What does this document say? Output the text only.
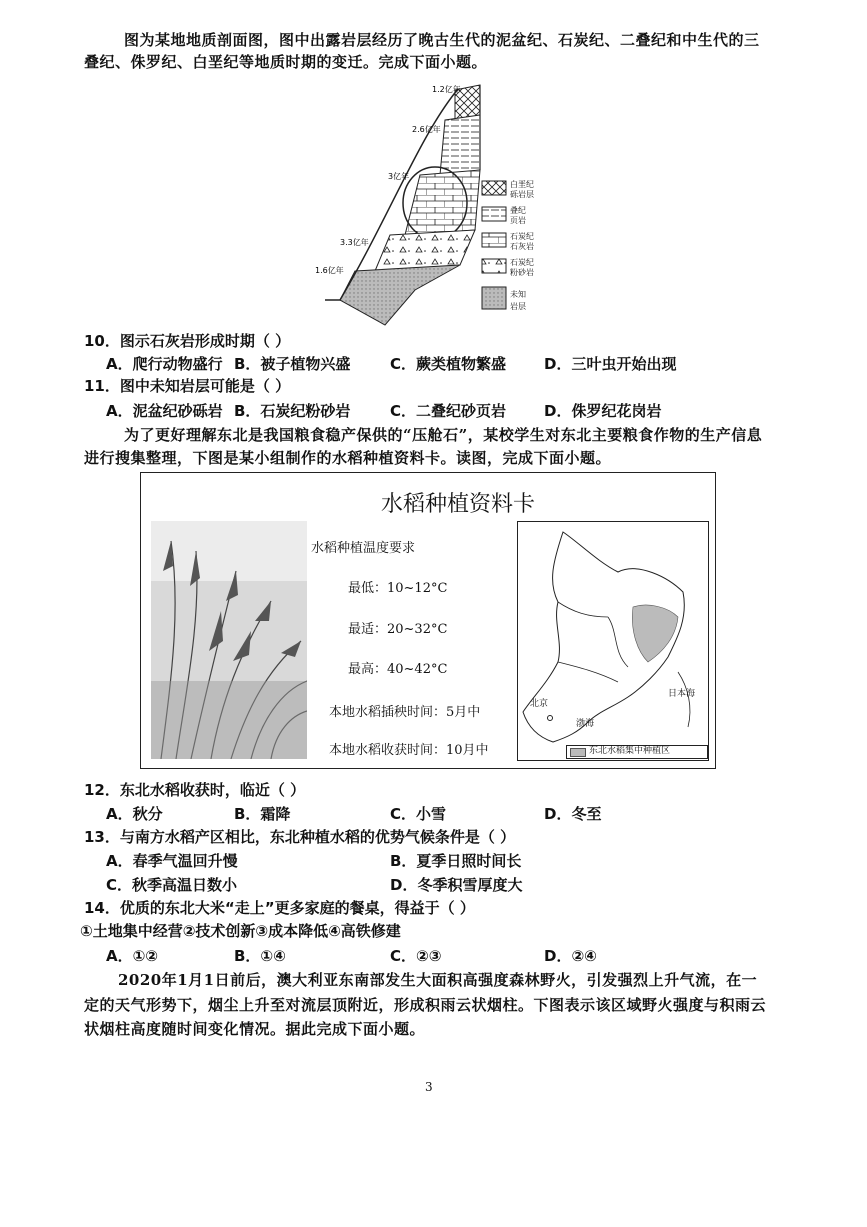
图为某地地质剖面图，图中出露岩层经历了晚古生代的泥盆纪、石炭纪、二叠纪和中生代的三
叠纪、侏罗纪、白垩纪等地质时期的变迁。完成下面小题。
1.2亿年
2.6亿年
3亿年
3.3亿年
1.6亿年
白垩纪
砾岩层
叠纪
页岩
石炭纪
石灰岩
石炭纪
粉砂岩
未知
岩层
10．图示石灰岩形成时期（ ）
A．爬行动物盛行 B．被子植物兴盛	C．蕨类植物繁盛	D．三叶虫开始出现
11．图中未知岩层可能是（ ）
A．泥盆纪砂砾岩 B．石炭纪粉砂岩	C．二叠纪砂页岩	D．侏罗纪花岗岩
为了更好理解东北是我国粮食稳产保供的“压舱石”，某校学生对东北主要粮食作物的生产信息
进行搜集整理，下图是某小组制作的水稻种植资料卡。读图，完成下面小题。
水稻种植资料卡
水稻种植温度要求
最低：10~12°C
最适：20~32°C
最高：40~42°C
本地水稻插秧时间：5月中
本地水稻收获时间：10月中
日本海
北京
渤海
东北水稻集中种植区
12．东北水稻收获时，临近（ ）
A．秋分	B．霜降	C．小雪	D．冬至
13．与南方水稻产区相比，东北种植水稻的优势气候条件是（ ）
A．春季气温回升慢	B．夏季日照时间长
C．秋季高温日数小	D．冬季积雪厚度大
14．优质的东北大米“走上”更多家庭的餐桌，得益于（ ）
①土地集中经营②技术创新③成本降低④高铁修建
A．①②	B．①④	C．②③	D．②④
2020年1月1日前后，澳大利亚东南部发生大面积高强度森林野火，引发强烈上升气流，在一
定的天气形势下，烟尘上升至对流层顶附近，形成积雨云状烟柱。下图表示该区域野火强度与积雨云
状烟柱高度随时间变化情况。据此完成下面小题。
3
